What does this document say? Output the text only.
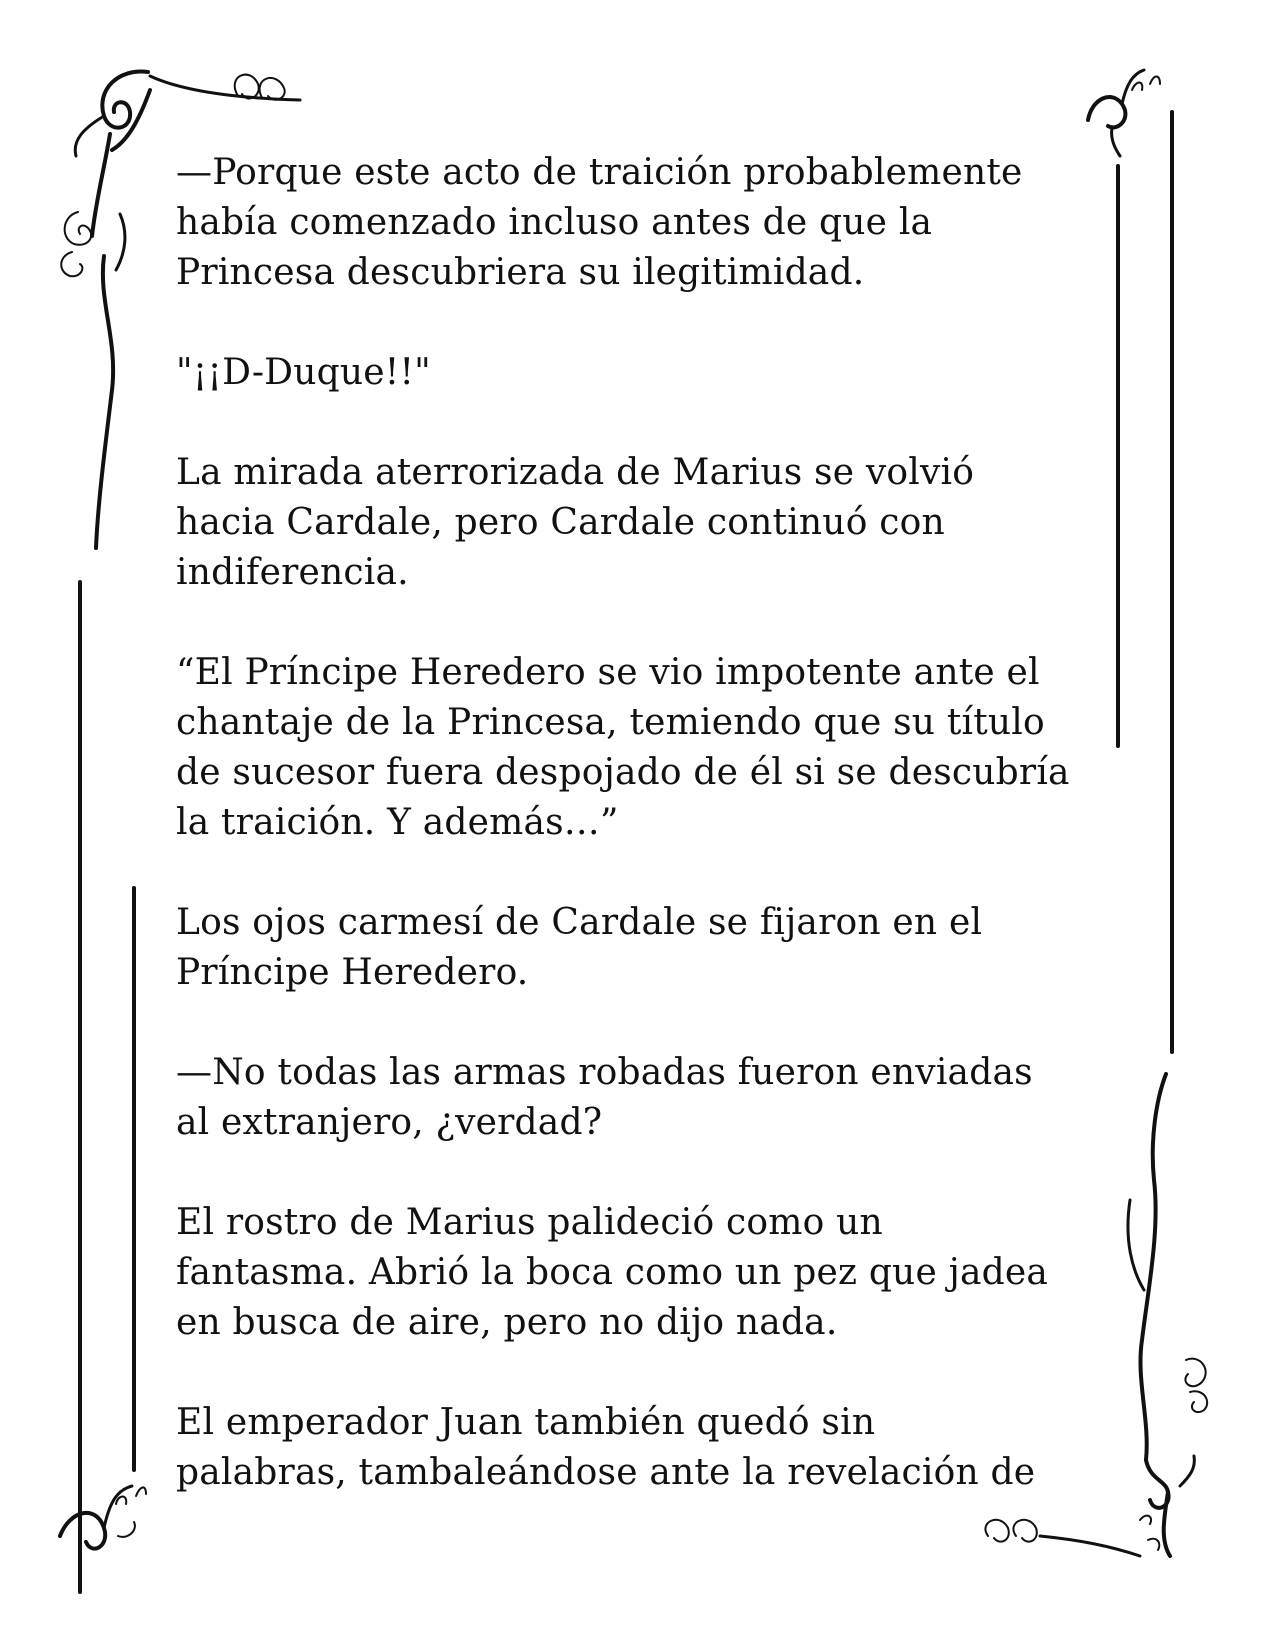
—Porque este acto de traición probablemente
había comenzado incluso antes de que la
Princesa descubriera su ilegitimidad.

"¡¡D-Duque!!"

La mirada aterrorizada de Marius se volvió
hacia Cardale, pero Cardale continuó con
indiferencia.

“El Príncipe Heredero se vio impotente ante el
chantaje de la Princesa, temiendo que su título
de sucesor fuera despojado de él si se descubría
la traición. Y además…”

Los ojos carmesí de Cardale se fijaron en el
Príncipe Heredero.

—No todas las armas robadas fueron enviadas
al extranjero, ¿verdad?

El rostro de Marius palideció como un
fantasma. Abrió la boca como un pez que jadea
en busca de aire, pero no dijo nada.

El emperador Juan también quedó sin
palabras, tambaleándose ante la revelación de
